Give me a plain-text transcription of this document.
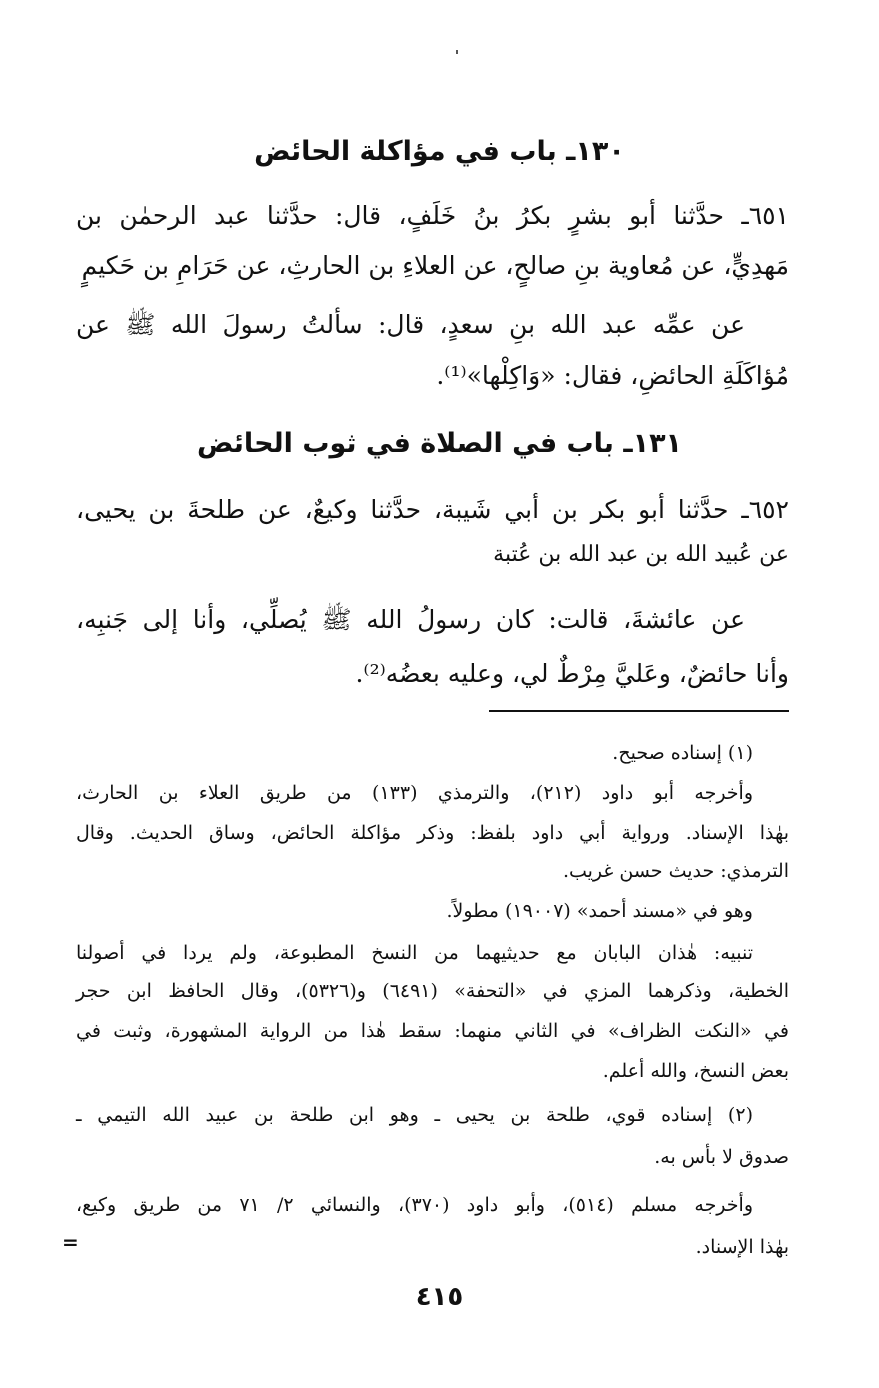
١٣٠ـ باب في مؤاكلة الحائض
٦٥١ـ حدَّثنا أبو بشرٍ بكرُ بنُ خَلَفٍ، قال: حدَّثنا عبد الرحمٰن بن
مَهدِيٍّ، عن مُعاوية بنِ صالحٍ، عن العلاءِ بن الحارثِ، عن حَرَامِ بن حَكيمٍ
عن عمِّه عبد الله بنِ سعدٍ، قال: سألتُ رسولَ الله ﷺ عن
مُؤاكَلَةِ الحائضِ، فقال: «وَاكِلْها»⁽¹⁾.
١٣١ـ باب في الصلاة في ثوب الحائض
٦٥٢ـ حدَّثنا أبو بكر بن أبي شَيبة، حدَّثنا وكيعٌ، عن طلحةَ بن يحيى،
عن عُبيد الله بن عبد الله بن عُتبة
عن عائشةَ، قالت: كان رسولُ الله ﷺ يُصلِّي، وأنا إلى جَنبِه،
وأنا حائضٌ، وعَليَّ مِرْطٌ لي، وعليه بعضُه⁽²⁾.
(١) إسناده صحيح.
وأخرجه أبو داود (٢١٢)، والترمذي (١٣٣) من طريق العلاء بن الحارث،
بهٰذا الإسناد. ورواية أبي داود بلفظ: وذكر مؤاكلة الحائض، وساق الحديث. وقال
الترمذي: حديث حسن غريب.
وهو في «مسند أحمد» (١٩٠٠٧) مطولاً.
تنبيه: هٰذان البابان مع حديثيهما من النسخ المطبوعة، ولم يردا في أصولنا
الخطية، وذكرهما المزي في «التحفة» (٦٤٩١) و(٥٣٢٦)، وقال الحافظ ابن حجر
في «النكت الظراف» في الثاني منهما: سقط هٰذا من الرواية المشهورة، وثبت في
بعض النسخ، والله أعلم.
(٢) إسناده قوي، طلحة بن يحيى ـ وهو ابن طلحة بن عبيد الله التيمي ـ
صدوق لا بأس به.
وأخرجه مسلم (٥١٤)، وأبو داود (٣٧٠)، والنسائي ٢/ ٧١ من طريق وكيع،
بهٰذا الإسناد.
=
٤١٥
